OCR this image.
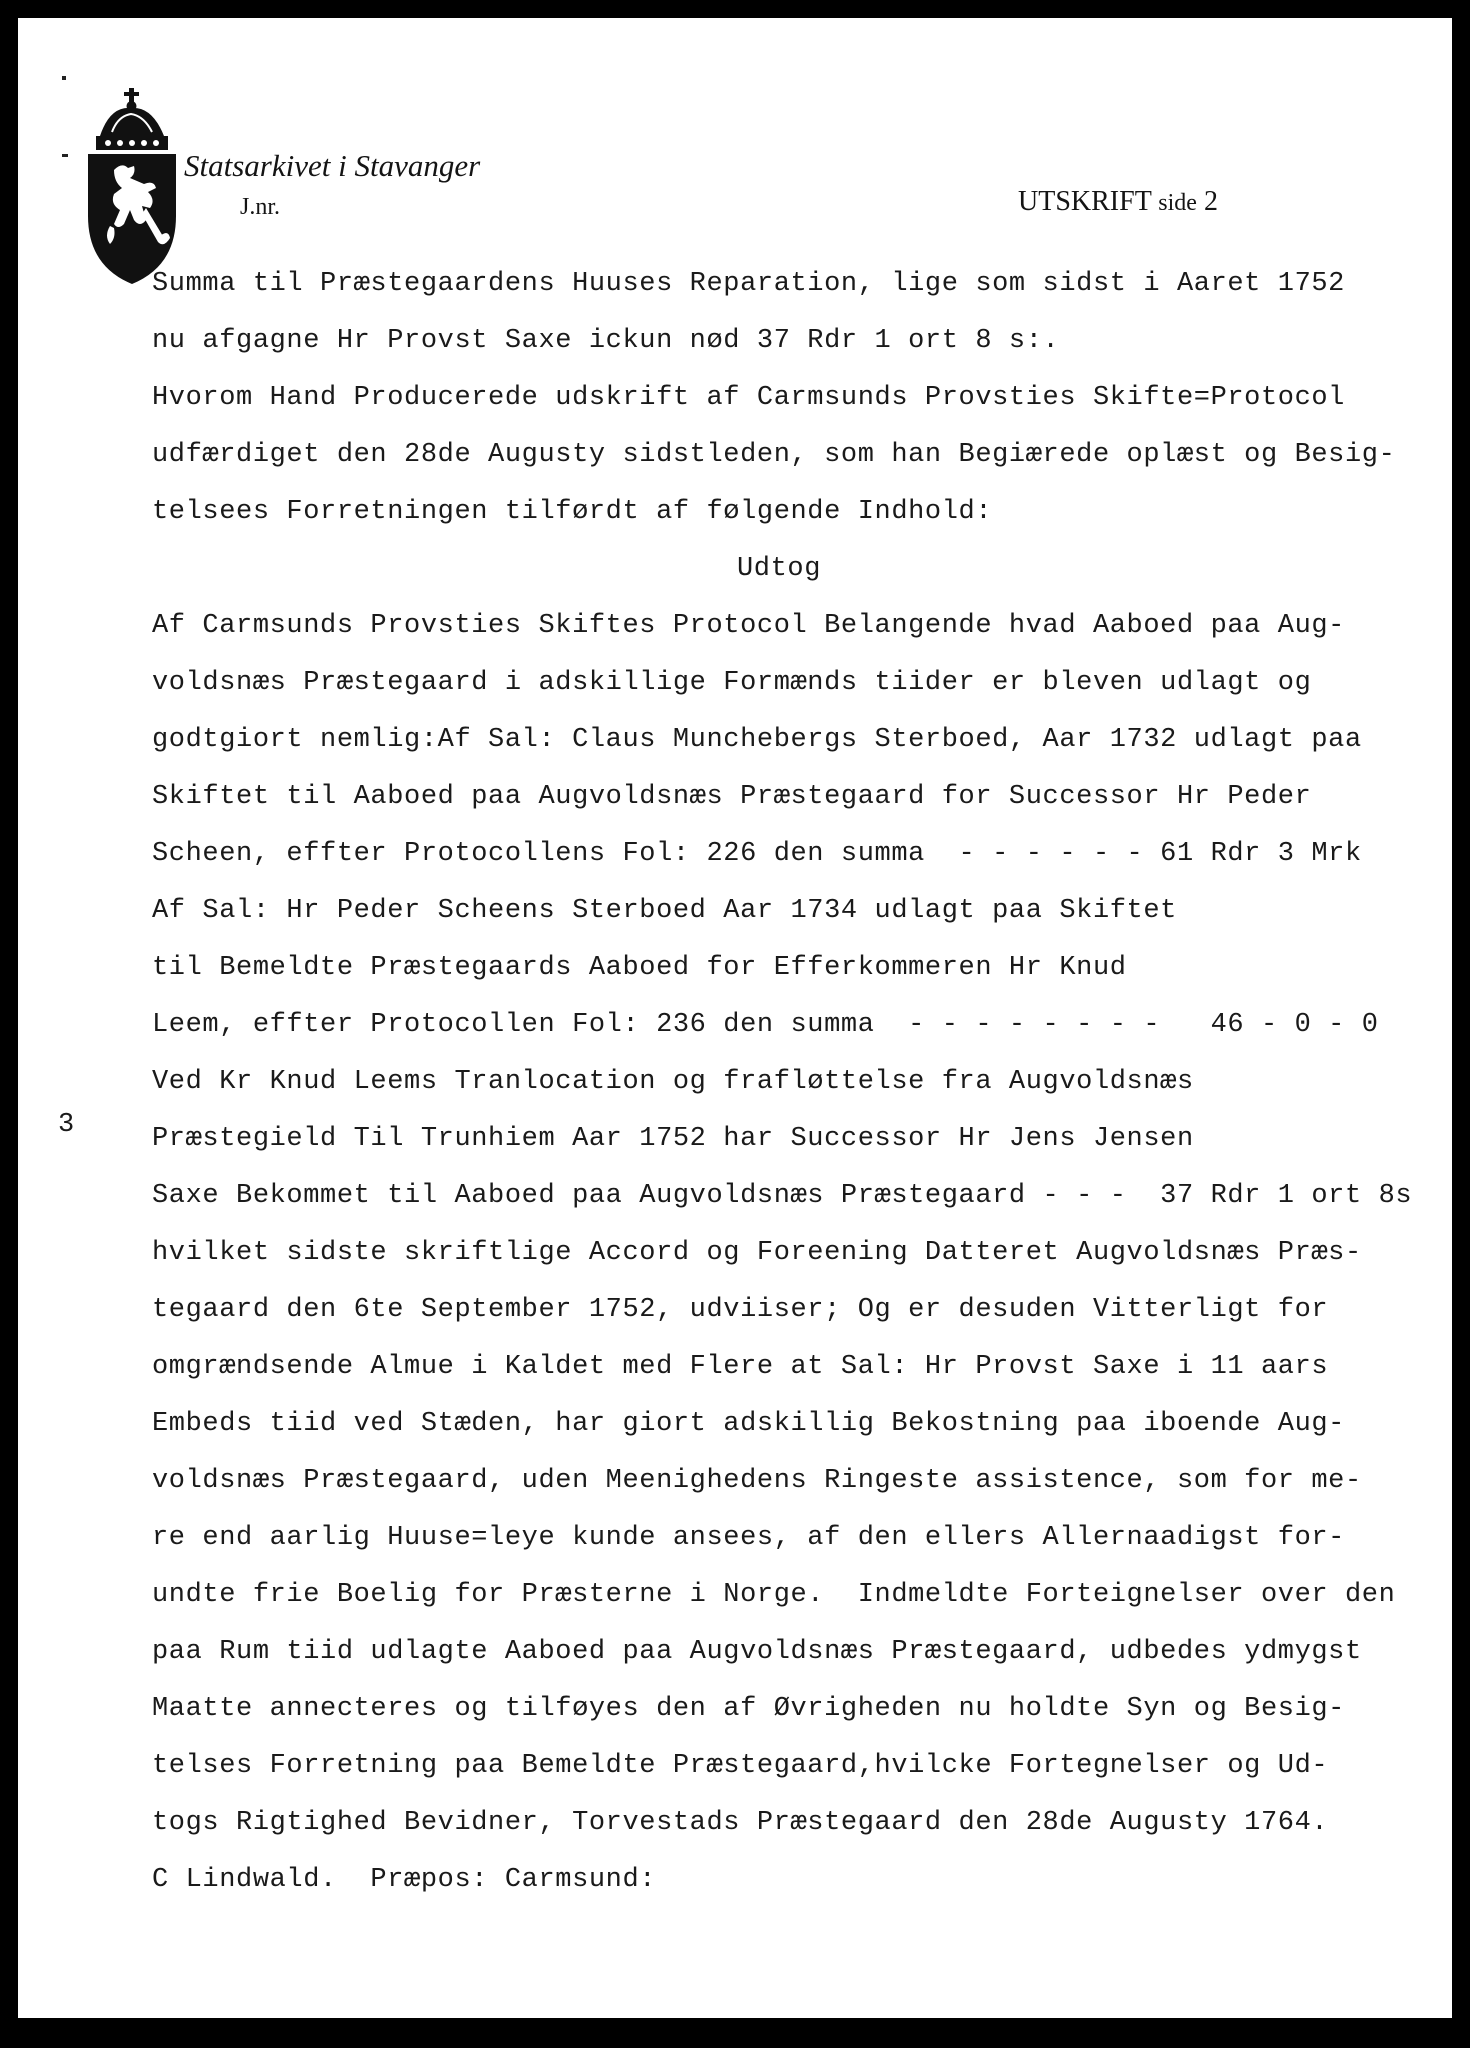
Statsarkivet i Stavanger
J.nr.	UTSKRIFT side 2
3
Summa til Præstegaardens Huuses Reparation, lige som sidst i Aaret 1752
nu afgagne Hr Provst Saxe ickun nød 37 Rdr 1 ort 8 s:.
Hvorom Hand Producerede udskrift af Carmsunds Provsties Skifte=Protocol
udfærdiget den 28de Augusty sidstleden, som han Begiærede oplæst og Besig-
telsees Forretningen tilførdt af følgende Indhold:
Udtog
Af Carmsunds Provsties Skiftes Protocol Belangende hvad Aaboed paa Aug-
voldsnæs Præstegaard i adskillige Formænds tiider er bleven udlagt og
godtgiort nemlig:Af Sal: Claus Munchebergs Sterboed, Aar 1732 udlagt paa
Skiftet til Aaboed paa Augvoldsnæs Præstegaard for Successor Hr Peder
Scheen, effter Protocollens Fol: 226 den summa  - - - - - - 61 Rdr 3 Mrk
Af Sal: Hr Peder Scheens Sterboed Aar 1734 udlagt paa Skiftet
til Bemeldte Præstegaards Aaboed for Efferkommeren Hr Knud
Leem, effter Protocollen Fol: 236 den summa  - - - - - - - -   46 - 0 - 0
Ved Kr Knud Leems Tranlocation og frafløttelse fra Augvoldsnæs
Præstegield Til Trunhiem Aar 1752 har Successor Hr Jens Jensen
Saxe Bekommet til Aaboed paa Augvoldsnæs Præstegaard - - -  37 Rdr 1 ort 8s
hvilket sidste skriftlige Accord og Foreening Datteret Augvoldsnæs Præs-
tegaard den 6te September 1752, udviiser; Og er desuden Vitterligt for
omgrændsende Almue i Kaldet med Flere at Sal: Hr Provst Saxe i 11 aars
Embeds tiid ved Stæden, har giort adskillig Bekostning paa iboende Aug-
voldsnæs Præstegaard, uden Meenighedens Ringeste assistence, som for me-
re end aarlig Huuse=leye kunde ansees, af den ellers Allernaadigst for-
undte frie Boelig for Præsterne i Norge.  Indmeldte Forteignelser over den
paa Rum tiid udlagte Aaboed paa Augvoldsnæs Præstegaard, udbedes ydmygst
Maatte annecteres og tilføyes den af Øvrigheden nu holdte Syn og Besig-
telses Forretning paa Bemeldte Præstegaard,hvilcke Fortegnelser og Ud-
togs Rigtighed Bevidner, Torvestads Præstegaard den 28de Augusty 1764.
C Lindwald.  Præpos: Carmsund:
